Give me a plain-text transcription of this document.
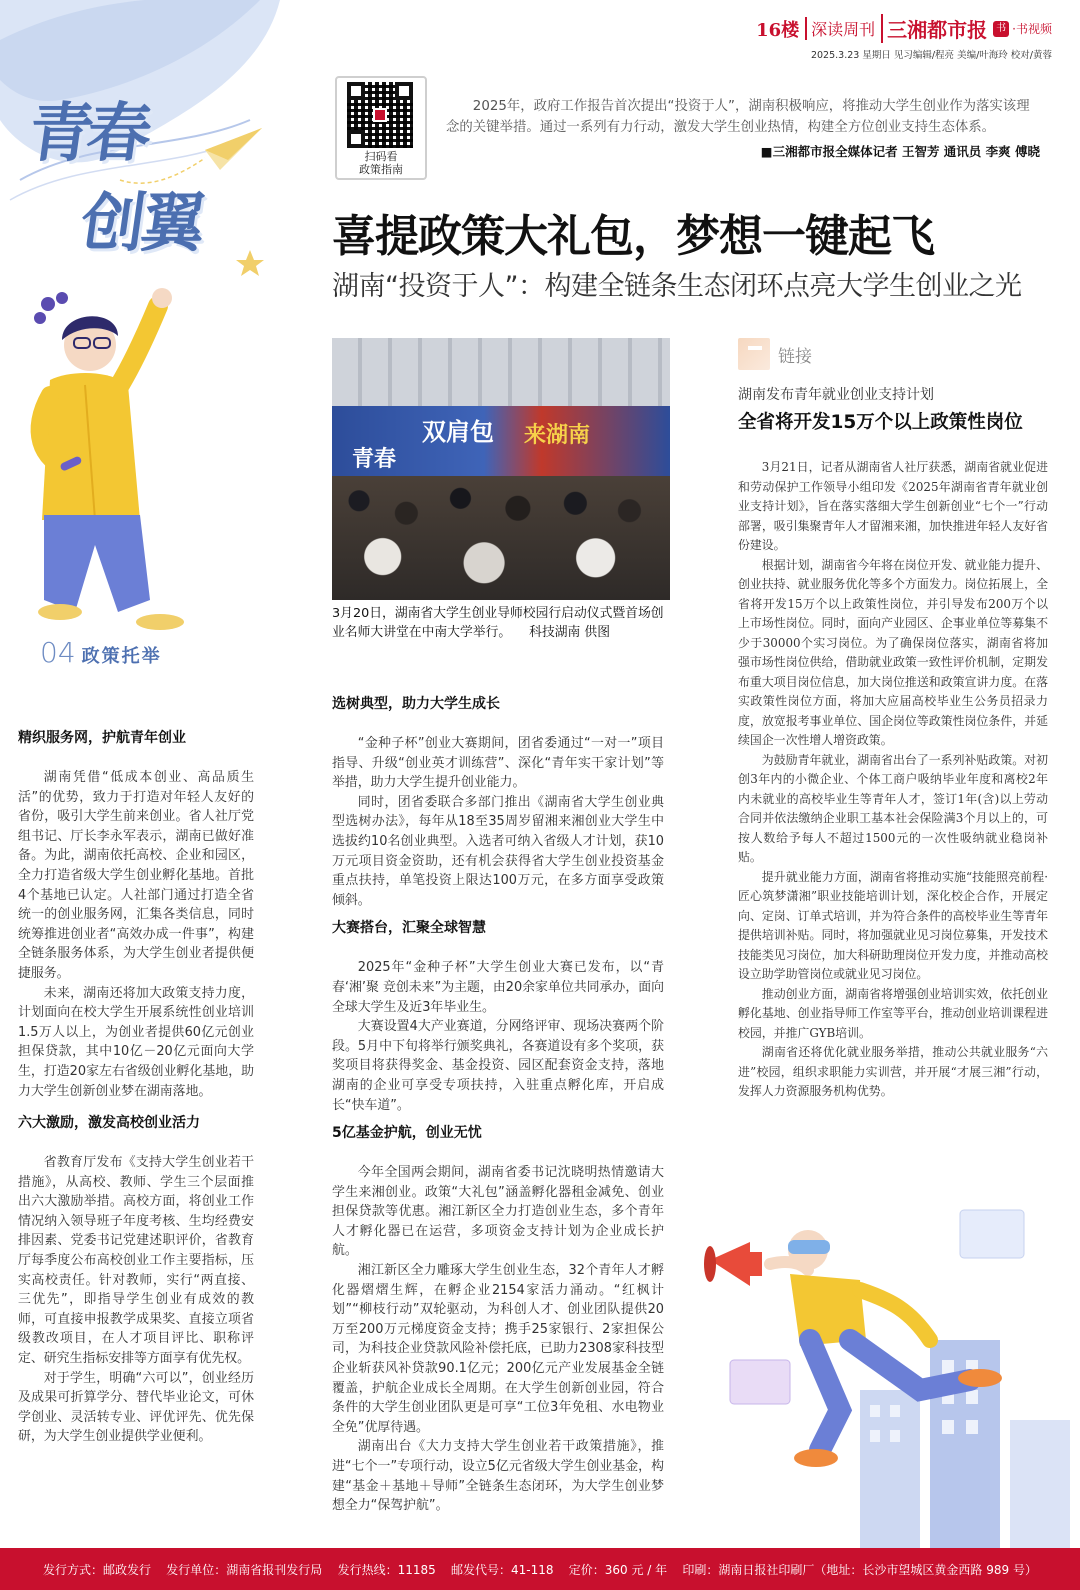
青春
创翼
04 政策托举
16楼 深读周刊 三湘都市报 书 ·书视频
2025.3.23 星期日 见习编辑/程亮 美编/叶海玲 校对/黄蓉
扫码看
政策指南
2025年，政府工作报告首次提出“投资于人”，湖南积极响应，将推动大学生创业作为落实该理念的关键举措。通过一系列有力行动，激发大学生创业热情，构建全方位创业支持生态体系。
■三湘都市报全媒体记者 王智芳 通讯员 李爽 傅晓
喜提政策大礼包，梦想一键起飞
湖南“投资于人”：构建全链条生态闭环点亮大学生创业之光
双肩包 来湖南
青春
3月20日，湖南省大学生创业导师校园行启动仪式暨首场创业名师大讲堂在中南大学举行。 科技湖南 供图
精织服务网，护航青年创业

湖南凭借“低成本创业、高品质生活”的优势，致力于打造对年轻人友好的省份，吸引大学生前来创业。省人社厅党组书记、厅长李永军表示，湖南已做好准备。为此，湖南依托高校、企业和园区，全力打造省级大学生创业孵化基地。首批4个基地已认定。人社部门通过打造全省统一的创业服务网，汇集各类信息，同时统筹推进创业者“高效办成一件事”，构建全链条服务体系，为大学生创业者提供便捷服务。

未来，湖南还将加大政策支持力度，计划面向在校大学生开展系统性创业培训1.5万人以上，为创业者提供60亿元创业担保贷款，其中10亿－20亿元面向大学生，打造20家左右省级创业孵化基地，助力大学生创新创业梦在湖南落地。

六大激励，激发高校创业活力

省教育厅发布《支持大学生创业若干措施》，从高校、教师、学生三个层面推出六大激励举措。高校方面，将创业工作情况纳入领导班子年度考核、生均经费安排因素、党委书记党建述职评价，省教育厅每季度公布高校创业工作主要指标，压实高校责任。针对教师，实行“两直接、三优先”，即指导学生创业有成效的教师，可直接申报教学成果奖、直接立项省级教改项目，在人才项目评比、职称评定、研究生指标安排等方面享有优先权。

对于学生，明确“六可以”，创业经历及成果可折算学分、替代毕业论文，可休学创业、灵活转专业、评优评先、优先保研，为大学生创业提供学业便利。

选树典型，助力大学生成长

“金种子杯”创业大赛期间，团省委通过“一对一”项目指导、升级“创业英才训练营”、深化“青年实干家计划”等举措，助力大学生提升创业能力。

同时，团省委联合多部门推出《湖南省大学生创业典型选树办法》，每年从18至35周岁留湘来湘创业大学生中选拔约10名创业典型。入选者可纳入省级人才计划，获10万元项目资金资助，还有机会获得省大学生创业投资基金重点扶持，单笔投资上限达100万元，在多方面享受政策倾斜。

大赛搭台，汇聚全球智慧

2025年“金种子杯”大学生创业大赛已发布，以“青春‘湘’聚 竞创未来”为主题，由20余家单位共同承办，面向全球大学生及近3年毕业生。

大赛设置4大产业赛道，分网络评审、现场决赛两个阶段。5月中下旬将举行颁奖典礼，各赛道设有多个奖项，获奖项目将获得奖金、基金投资、园区配套资金支持，落地湖南的企业可享受专项扶持，入驻重点孵化库，开启成长“快车道”。

5亿基金护航，创业无忧

今年全国两会期间，湖南省委书记沈晓明热情邀请大学生来湘创业。政策“大礼包”涵盖孵化器租金减免、创业担保贷款等优惠。湘江新区全力打造创业生态，多个青年人才孵化器已在运营，多项资金支持计划为企业成长护航。

湘江新区全力雕琢大学生创业生态，32个青年人才孵化器熠熠生辉，在孵企业2154家活力涌动。“红枫计划”“柳枝行动”双轮驱动，为科创人才、创业团队提供20万至200万元梯度资金支持；携手25家银行、2家担保公司，为科技企业贷款风险补偿托底，已助力2308家科技型企业斩获风补贷款90.1亿元；200亿元产业发展基金全链覆盖，护航企业成长全周期。在大学生创新创业园，符合条件的大学生创业团队更是可享“工位3年免租、水电物业全免”优厚待遇。

湖南出台《大力支持大学生创业若干政策措施》，推进“七个一”专项行动，设立5亿元省级大学生创业基金，构建“基金＋基地＋导师”全链条生态闭环，为大学生创业梦想全力“保驾护航”。

链接
湖南发布青年就业创业支持计划
全省将开发15万个以上政策性岗位

3月21日，记者从湖南省人社厅获悉，湖南省就业促进和劳动保护工作领导小组印发《2025年湖南省青年就业创业支持计划》，旨在落实落细大学生创新创业“七个一”行动部署，吸引集聚青年人才留湘来湘，加快推进年轻人友好省份建设。

根据计划，湖南省今年将在岗位开发、就业能力提升、创业扶持、就业服务优化等多个方面发力。岗位拓展上，全省将开发15万个以上政策性岗位，并引导发布200万个以上市场性岗位。同时，面向产业园区、企事业单位等募集不少于30000个实习岗位。为了确保岗位落实，湖南省将加强市场性岗位供给，借助就业政策一致性评价机制，定期发布重大项目岗位信息，加大岗位推送和政策宣讲力度。在落实政策性岗位方面，将加大应届高校毕业生公务员招录力度，放宽报考事业单位、国企岗位等政策性岗位条件，并延续国企一次性增人增资政策。

为鼓励青年就业，湖南省出台了一系列补贴政策。对初创3年内的小微企业、个体工商户吸纳毕业年度和离校2年内未就业的高校毕业生等青年人才，签订1年(含)以上劳动合同并依法缴纳企业职工基本社会保险满3个月以上的，可按人数给予每人不超过1500元的一次性吸纳就业稳岗补贴。

提升就业能力方面，湖南省将推动实施“技能照亮前程·匠心筑梦潇湘”职业技能培训计划，深化校企合作，开展定向、定岗、订单式培训，并为符合条件的高校毕业生等青年提供培训补贴。同时，将加强就业见习岗位募集，开发技术技能类见习岗位，加大科研助理岗位开发力度，并推动高校设立助学助管岗位或就业见习岗位。

推动创业方面，湖南省将增强创业培训实效，依托创业孵化基地、创业指导师工作室等平台，推动创业培训课程进校园，并推广GYB培训。

湖南省还将优化就业服务举措，推动公共就业服务“六进”校园，组织求职能力实训营，并开展“才展三湘”行动，发挥人力资源服务机构优势。

发行方式：邮政发行    发行单位：湖南省报刊发行局    发行热线：11185    邮发代号：41-118    定价：360 元 / 年    印刷：湖南日报社印刷厂（地址：长沙市望城区黄金西路 989 号）
